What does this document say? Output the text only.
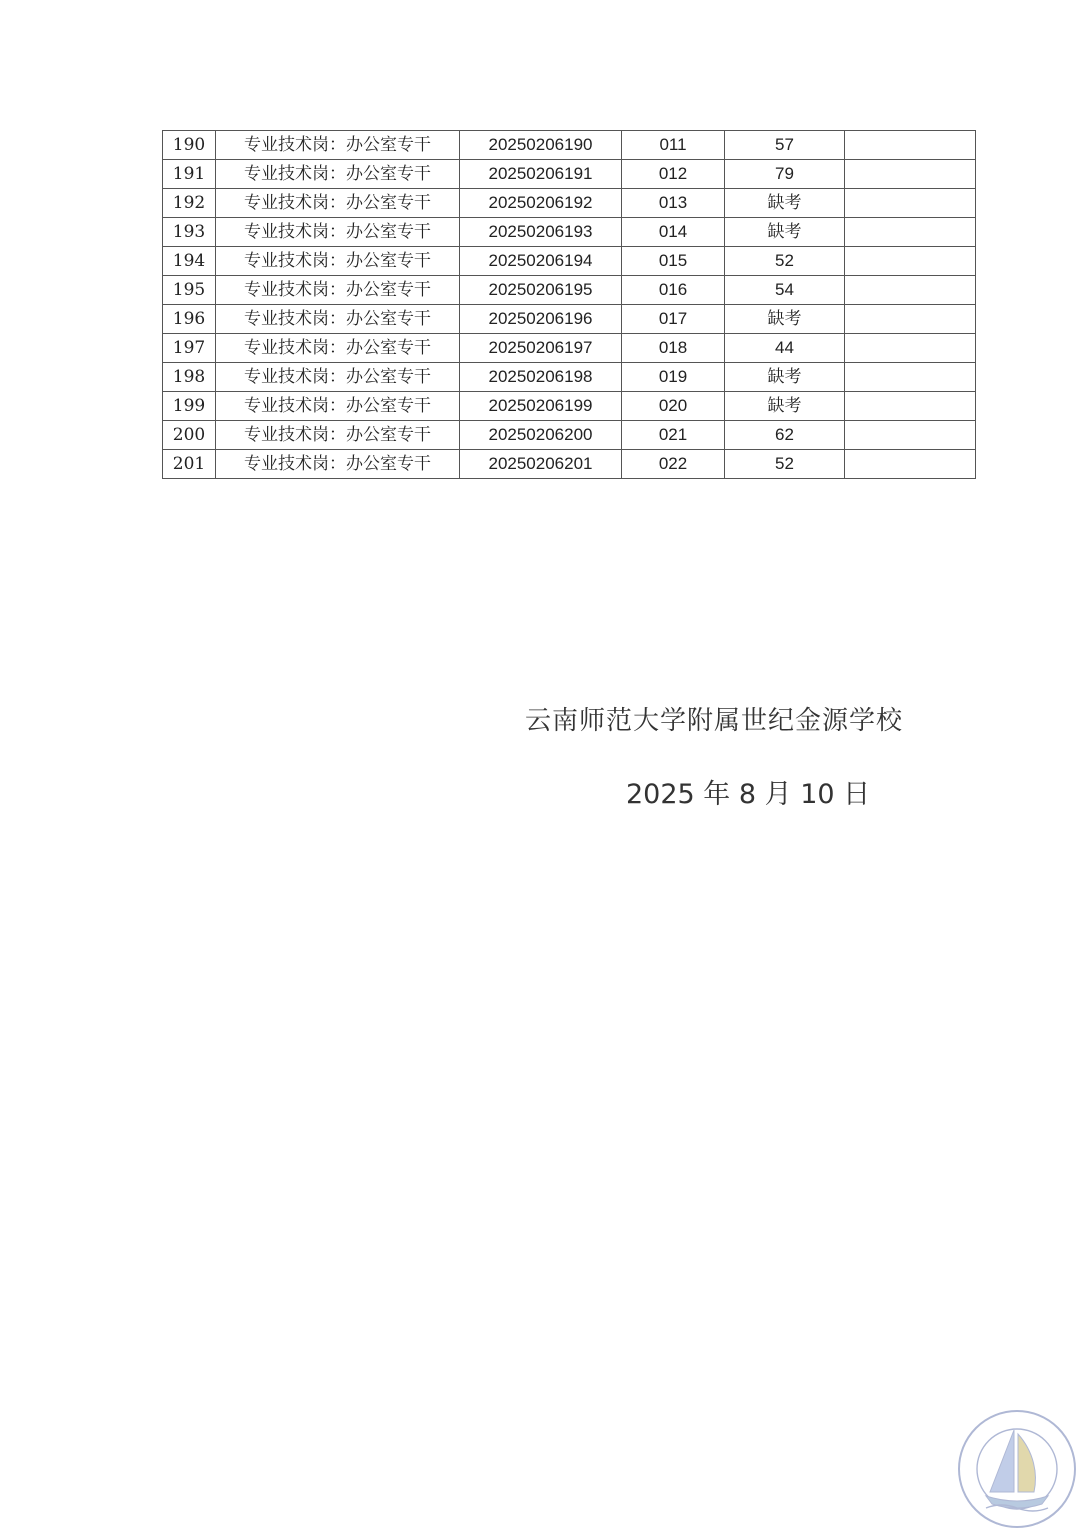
190	专业技术岗：办公室专干	20250206190	011	57	
191	专业技术岗：办公室专干	20250206191	012	79	
192	专业技术岗：办公室专干	20250206192	013	缺考	
193	专业技术岗：办公室专干	20250206193	014	缺考	
194	专业技术岗：办公室专干	20250206194	015	52	
195	专业技术岗：办公室专干	20250206195	016	54	
196	专业技术岗：办公室专干	20250206196	017	缺考	
197	专业技术岗：办公室专干	20250206197	018	44	
198	专业技术岗：办公室专干	20250206198	019	缺考	
199	专业技术岗：办公室专干	20250206199	020	缺考	
200	专业技术岗：办公室专干	20250206200	021	62	
201	专业技术岗：办公室专干	20250206201	022	52	
云南师范大学附属世纪金源学校
2025 年 8 月 10 日
